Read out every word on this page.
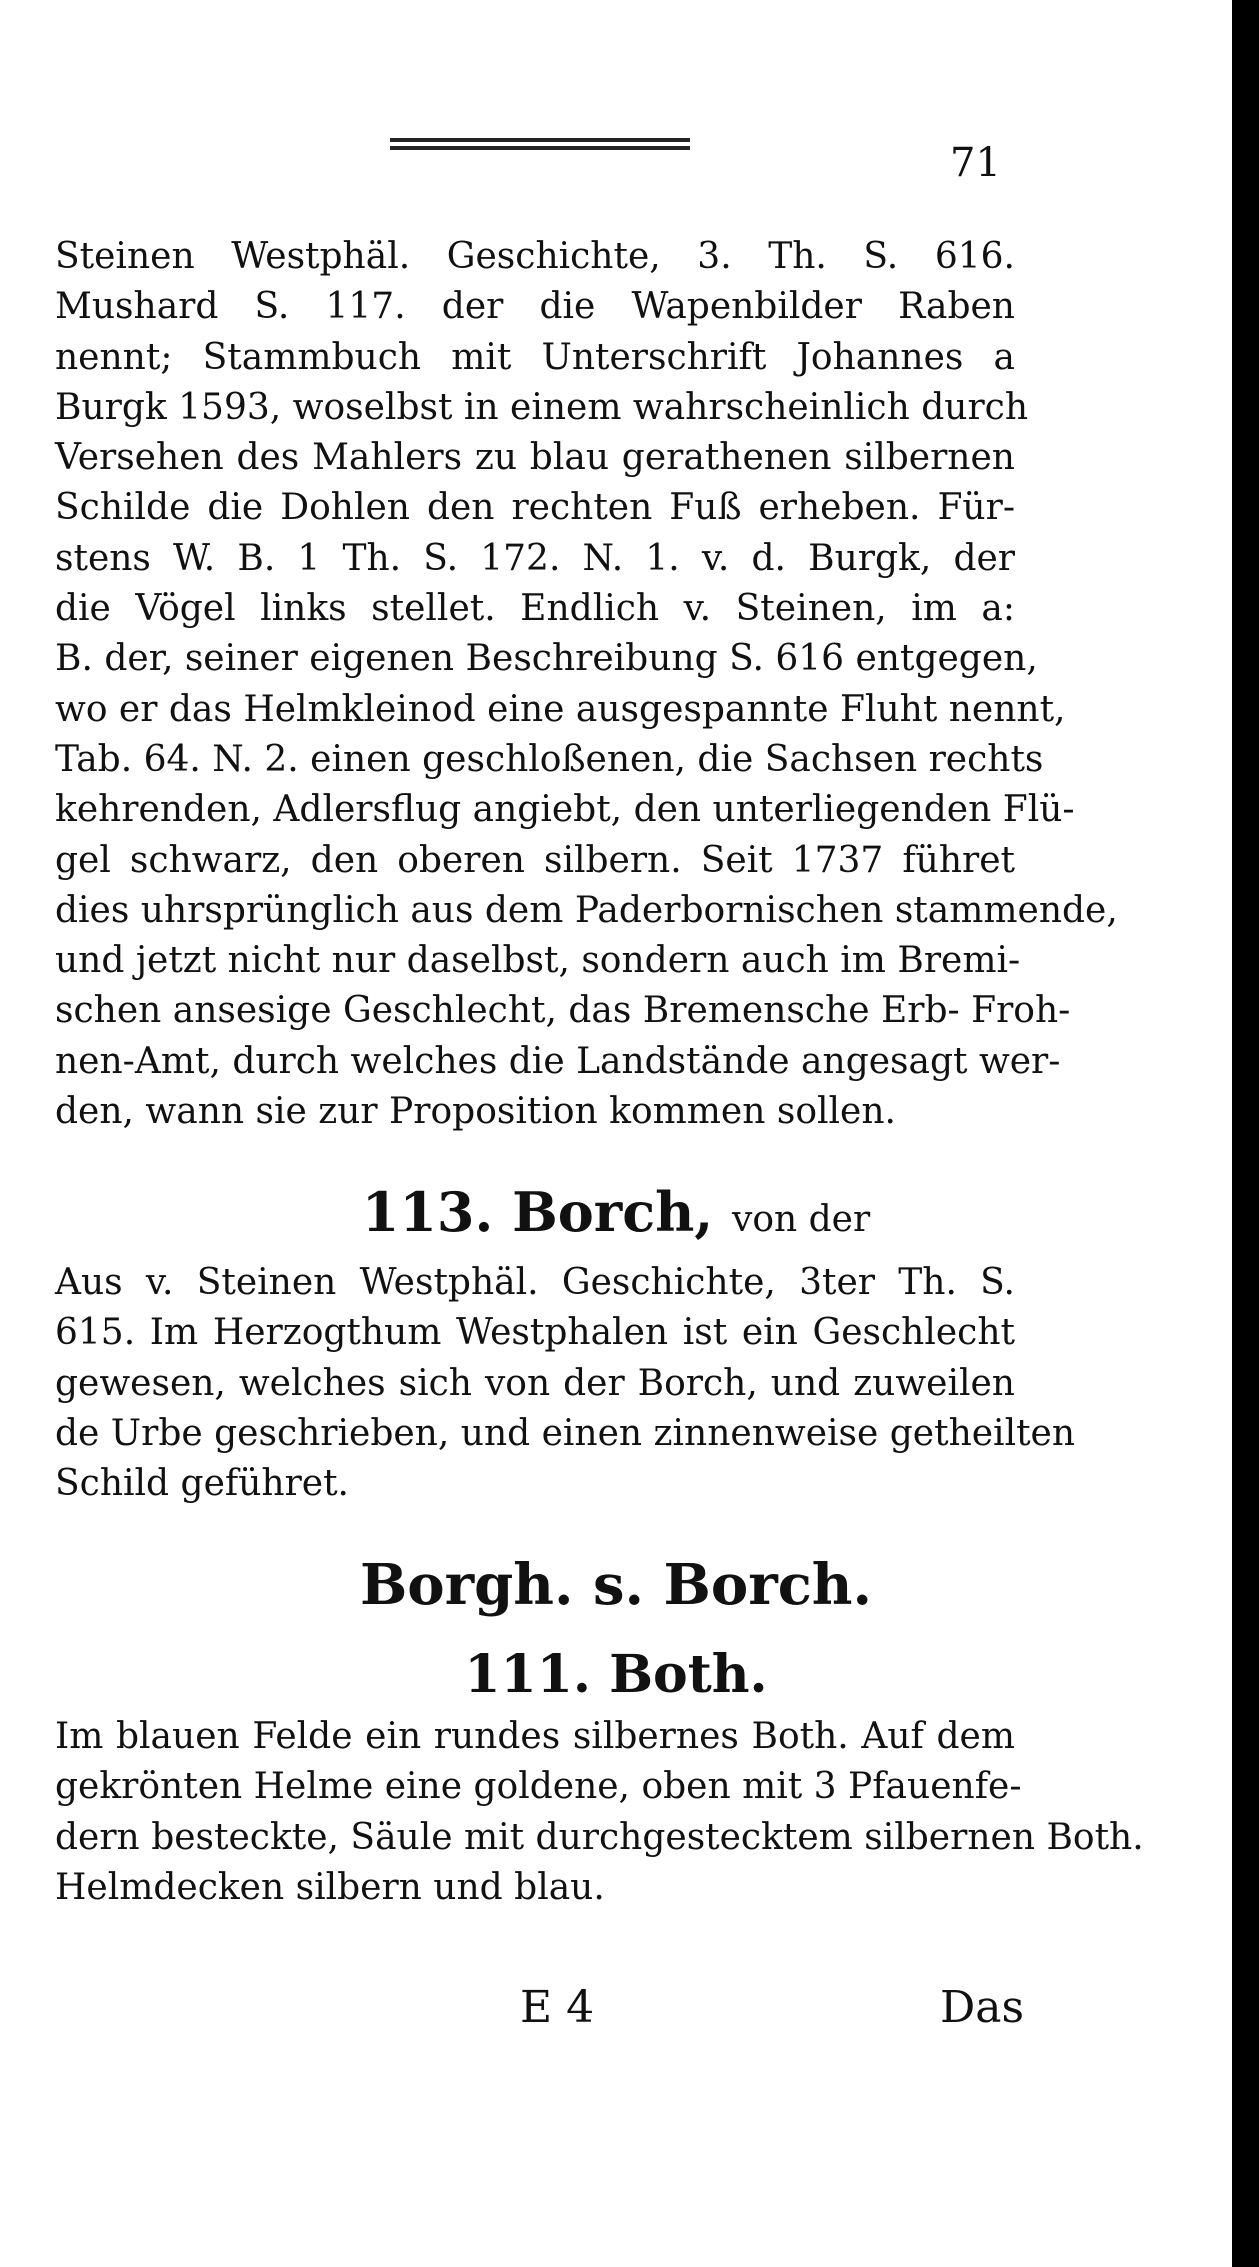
71
Steinen Westphäl. Geschichte, 3. Th. S. 616.
Mushard S. 117. der die Wapenbilder Raben
nennt; Stammbuch mit Unterschrift Johannes a
Burgk 1593, woselbst in einem wahrscheinlich durch
Versehen des Mahlers zu blau gerathenen silbernen
Schilde die Dohlen den rechten Fuß erheben. Für-
stens W. B. 1 Th. S. 172. N. 1. v. d. Burgk, der
die Vögel links stellet. Endlich v. Steinen, im a:
B. der, seiner eigenen Beschreibung S. 616 entgegen,
wo er das Helmkleinod eine ausgespannte Fluht nennt,
Tab. 64. N. 2. einen geschloßenen, die Sachsen rechts
kehrenden, Adlersflug angiebt, den unterliegenden Flü-
gel schwarz, den oberen silbern. Seit 1737 führet
dies uhrsprünglich aus dem Paderbornischen stammende,
und jetzt nicht nur daselbst, sondern auch im Bremi-
schen ansesige Geschlecht, das Bremensche Erb- Froh-
nen-Amt, durch welches die Landstände angesagt wer-
den, wann sie zur Proposition kommen sollen.
113. Borch, von der
Aus v. Steinen Westphäl. Geschichte, 3ter Th. S.
615. Im Herzogthum Westphalen ist ein Geschlecht
gewesen, welches sich von der Borch, und zuweilen
de Urbe geschrieben, und einen zinnenweise getheilten
Schild geführet.
Borgh. s. Borch.
111. Both.
Im blauen Felde ein rundes silbernes Both. Auf dem
gekrönten Helme eine goldene, oben mit 3 Pfauenfe-
dern besteckte, Säule mit durchgestecktem silbernen Both.
Helmdecken silbern und blau.
E 4	Das
